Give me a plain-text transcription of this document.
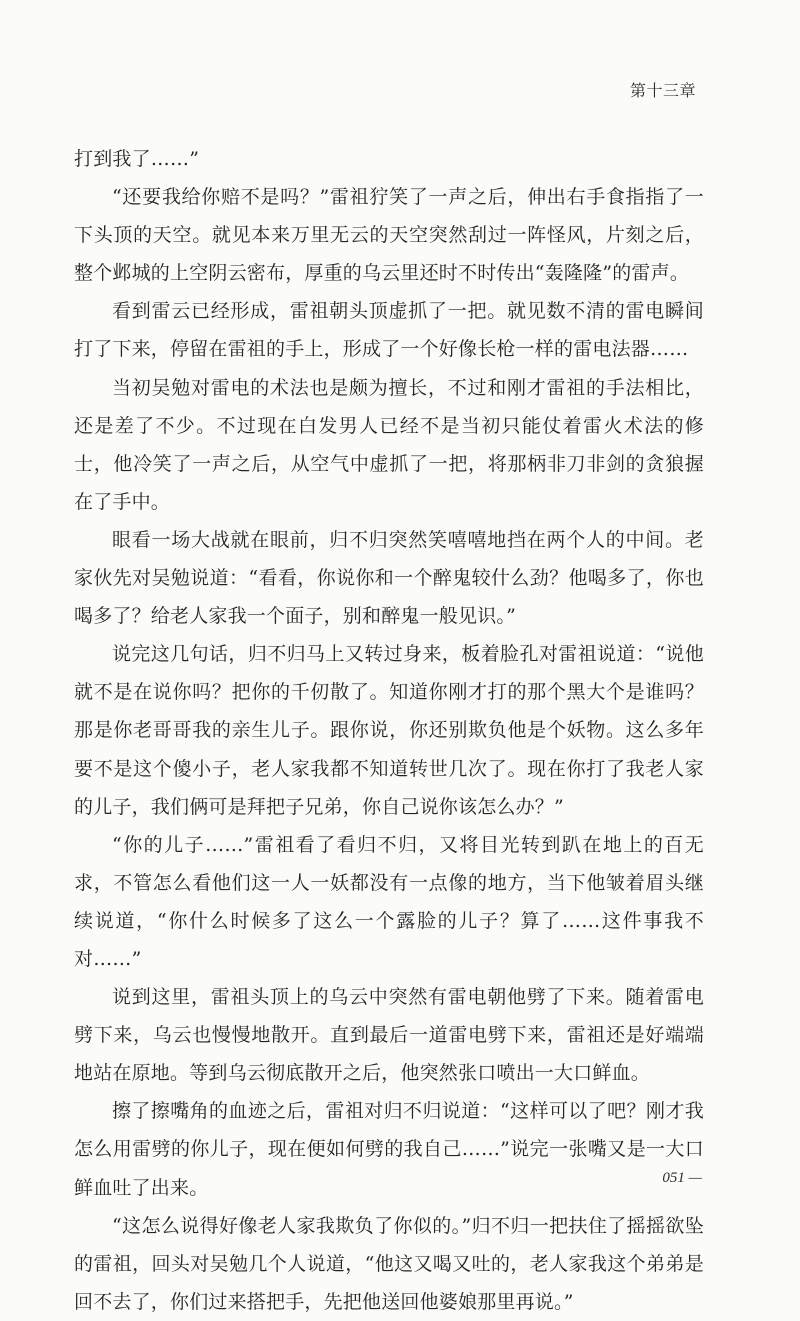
第十三章

打到我了……”

“还要我给你赔不是吗？”雷祖狞笑了一声之后，伸出右手食指指了一下头顶的天空。就见本来万里无云的天空突然刮过一阵怪风，片刻之后，整个邺城的上空阴云密布，厚重的乌云里还时不时传出“轰隆隆”的雷声。

看到雷云已经形成，雷祖朝头顶虚抓了一把。就见数不清的雷电瞬间打了下来，停留在雷祖的手上，形成了一个好像长枪一样的雷电法器……

当初吴勉对雷电的术法也是颇为擅长，不过和刚才雷祖的手法相比，还是差了不少。不过现在白发男人已经不是当初只能仗着雷火术法的修士，他冷笑了一声之后，从空气中虚抓了一把，将那柄非刀非剑的贪狼握在了手中。

眼看一场大战就在眼前，归不归突然笑嘻嘻地挡在两个人的中间。老家伙先对吴勉说道：“看看，你说你和一个醉鬼较什么劲？他喝多了，你也喝多了？给老人家我一个面子，别和醉鬼一般见识。”

说完这几句话，归不归马上又转过身来，板着脸孔对雷祖说道：“说他就不是在说你吗？把你的千仞散了。知道你刚才打的那个黑大个是谁吗？那是你老哥哥我的亲生儿子。跟你说，你还别欺负他是个妖物。这么多年要不是这个傻小子，老人家我都不知道转世几次了。现在你打了我老人家的儿子，我们俩可是拜把子兄弟，你自己说你该怎么办？”

“你的儿子……”雷祖看了看归不归，又将目光转到趴在地上的百无求，不管怎么看他们这一人一妖都没有一点像的地方，当下他皱着眉头继续说道，“你什么时候多了这么一个露脸的儿子？算了……这件事我不对……”

说到这里，雷祖头顶上的乌云中突然有雷电朝他劈了下来。随着雷电劈下来，乌云也慢慢地散开。直到最后一道雷电劈下来，雷祖还是好端端地站在原地。等到乌云彻底散开之后，他突然张口喷出一大口鲜血。

擦了擦嘴角的血迹之后，雷祖对归不归说道：“这样可以了吧？刚才我怎么用雷劈的你儿子，现在便如何劈的我自己……”说完一张嘴又是一大口鲜血吐了出来。

“这怎么说得好像老人家我欺负了你似的。”归不归一把扶住了摇摇欲坠的雷祖，回头对吴勉几个人说道，“他这又喝又吐的，老人家我这个弟弟是回不去了，你们过来搭把手，先把他送回他婆娘那里再说。”

051 —
